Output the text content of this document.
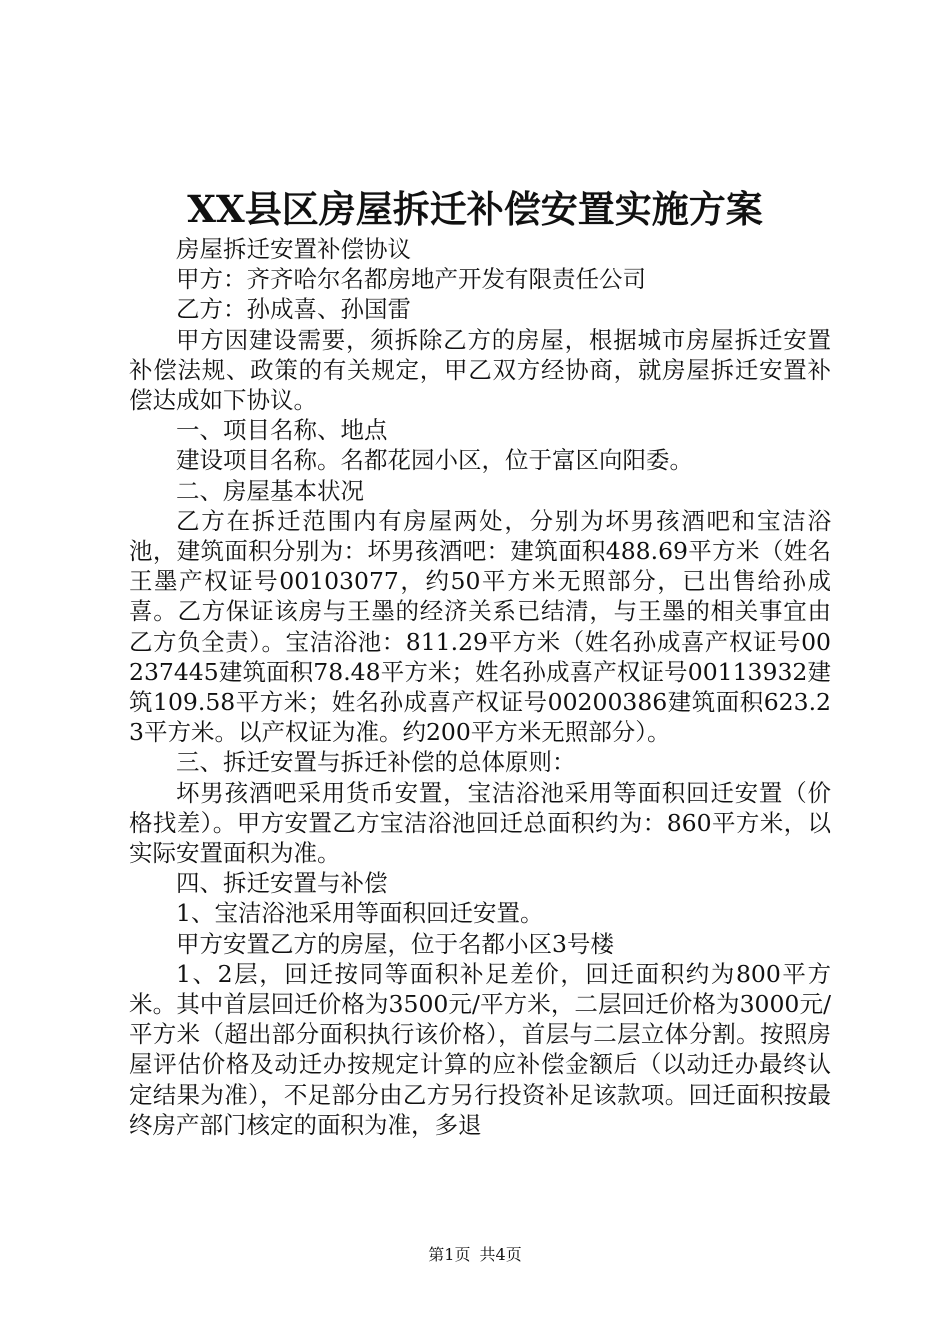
XX县区房屋拆迁补偿安置实施方案

房屋拆迁安置补偿协议

甲方：齐齐哈尔名都房地产开发有限责任公司

乙方：孙成喜、孙国雷

甲方因建设需要，须拆除乙方的房屋，根据城市房屋拆迁安置补偿法规、政策的有关规定，甲乙双方经协商，就房屋拆迁安置补偿达成如下协议。

一、项目名称、地点

建设项目名称。名都花园小区，位于富区向阳委。

二、房屋基本状况

乙方在拆迁范围内有房屋两处，分别为坏男孩酒吧和宝洁浴池，建筑面积分别为：坏男孩酒吧：建筑面积488.69平方米（姓名王墨产权证号00103077，约50平方米无照部分，已出售给孙成喜。乙方保证该房与王墨的经济关系已结清，与王墨的相关事宜由乙方负全责）。宝洁浴池：811.29平方米（姓名孙成喜产权证号00237445建筑面积78.48平方米；姓名孙成喜产权证号00113932建筑109.58平方米；姓名孙成喜产权证号00200386建筑面积623.23平方米。以产权证为准。约200平方米无照部分）。

三、拆迁安置与拆迁补偿的总体原则：

坏男孩酒吧采用货币安置，宝洁浴池采用等面积回迁安置（价格找差）。甲方安置乙方宝洁浴池回迁总面积约为：860平方米，以实际安置面积为准。

四、拆迁安置与补偿

1、宝洁浴池采用等面积回迁安置。

甲方安置乙方的房屋，位于名都小区3号楼

1、2层，回迁按同等面积补足差价，回迁面积约为800平方米。其中首层回迁价格为3500元/平方米，二层回迁价格为3000元/平方米（超出部分面积执行该价格），首层与二层立体分割。按照房屋评估价格及动迁办按规定计算的应补偿金额后（以动迁办最终认定结果为准），不足部分由乙方另行投资补足该款项。回迁面积按最终房产部门核定的面积为准，多退

第1页 共4页
